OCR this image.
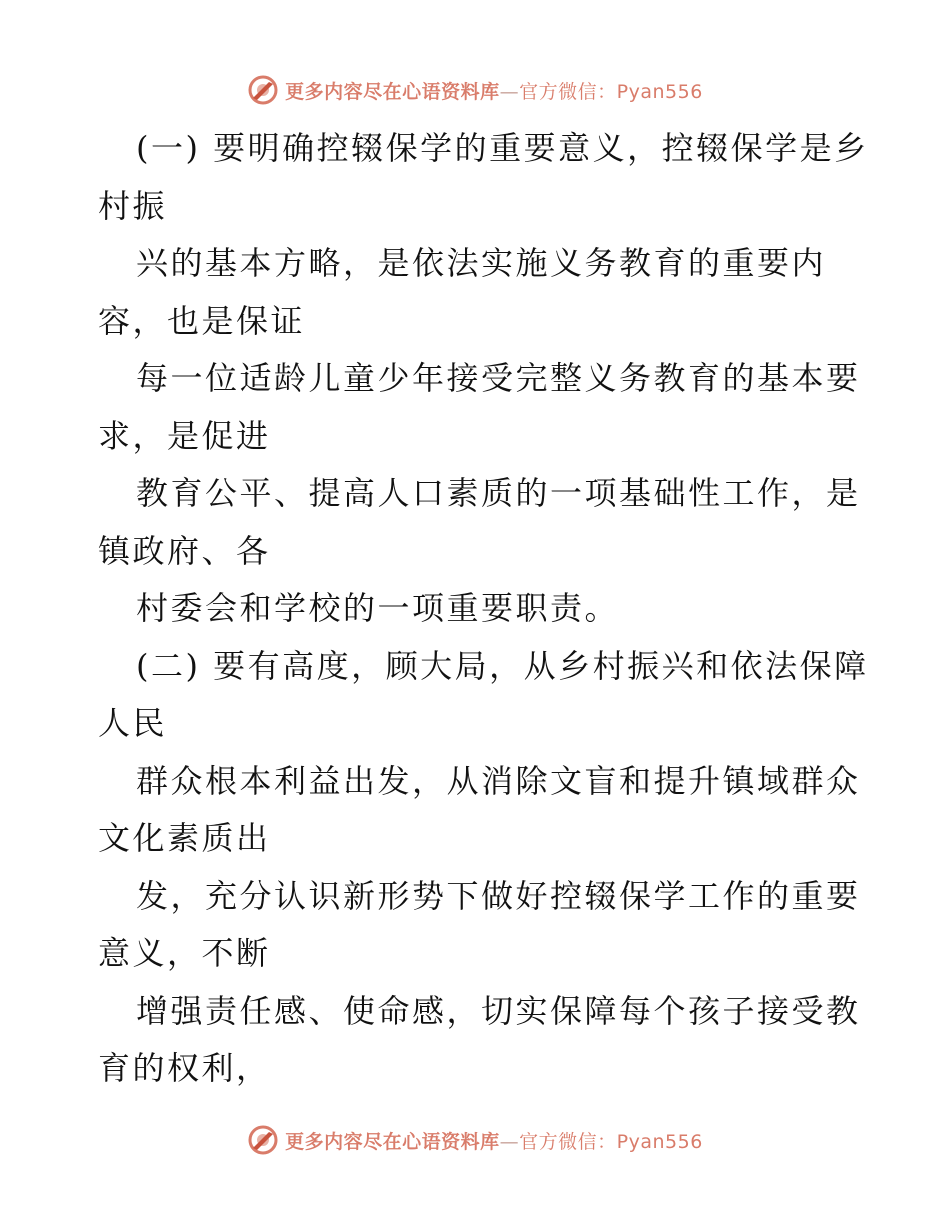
更多内容尽在心语资料库—官方微信：Pyan556
(一) 要明确控辍保学的重要意义，控辍保学是乡
村振
兴的基本方略，是依法实施义务教育的重要内
容，也是保证
每一位适龄儿童少年接受完整义务教育的基本要
求，是促进
教育公平、提高人口素质的一项基础性工作，是
镇政府、各
村委会和学校的一项重要职责。
(二) 要有高度，顾大局，从乡村振兴和依法保障
人民
群众根本利益出发，从消除文盲和提升镇域群众
文化素质出
发，充分认识新形势下做好控辍保学工作的重要
意义，不断
增强责任感、使命感，切实保障每个孩子接受教
育的权利，
更多内容尽在心语资料库—官方微信：Pyan556
